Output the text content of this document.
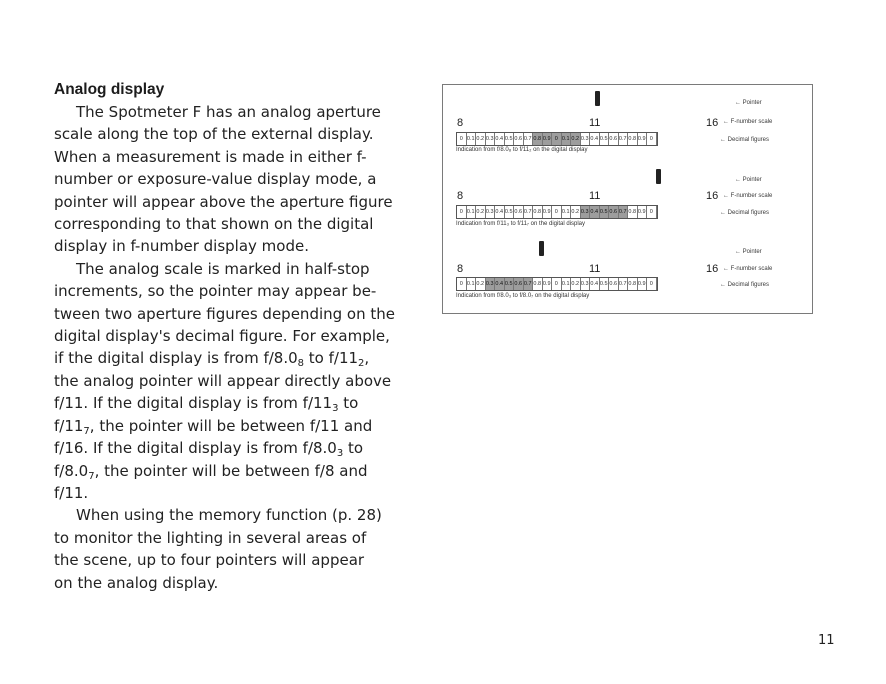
Analog display

The Spotmeter F has an analog aperture
scale along the top of the external display.
When a measurement is made in either f-
number or exposure-value display mode, a
pointer will appear above the aperture figure
corresponding to that shown on the digital
display in f-number display mode.

The analog scale is marked in half-stop
increments, so the pointer may appear be-
tween two aperture figures depending on the
digital display's decimal figure. For example,
if the digital display is from $f/8.0_8$ to $f/11_2$,
the analog pointer will appear directly above
f/11. If the digital display is from $f/11_3$ to
$f/11_7$, the pointer will be between f/11 and
f/16. If the digital display is from $f/8.0_3$ to
$f/8.0_7$, the pointer will be between f/8 and
f/11.

When using the memory function (p. 28)
to monitor the lighting in several areas of
the scene, up to four pointers will appear
on the analog display.

← Pointer
8	11	16 ← F-number scale
0 0.1 0.2 0.3 0.4 0.5 0.6 0.7 0.8 0.9 0 0.1 0.2 0.3 0.4 0.5 0.6 0.7 0.8 0.9 0	← Decimal figures
Indication from f/8.0₈ to f/11₂ on the digital display
← Pointer
8	11	16 ← F-number scale
0 0.1 0.2 0.3 0.4 0.5 0.6 0.7 0.8 0.9 0 0.1 0.2 0.3 0.4 0.5 0.6 0.7 0.8 0.9 0	← Decimal figures
Indication from f/11₃ to f/11₇ on the digital display
← Pointer
8	11	16 ← F-number scale
0 0.1 0.2 0.3 0.4 0.5 0.6 0.7 0.8 0.9 0 0.1 0.2 0.3 0.4 0.5 0.6 0.7 0.8 0.9 0	← Decimal figures
Indication from f/8.0₃ to f/8.0₇ on the digital display
11
